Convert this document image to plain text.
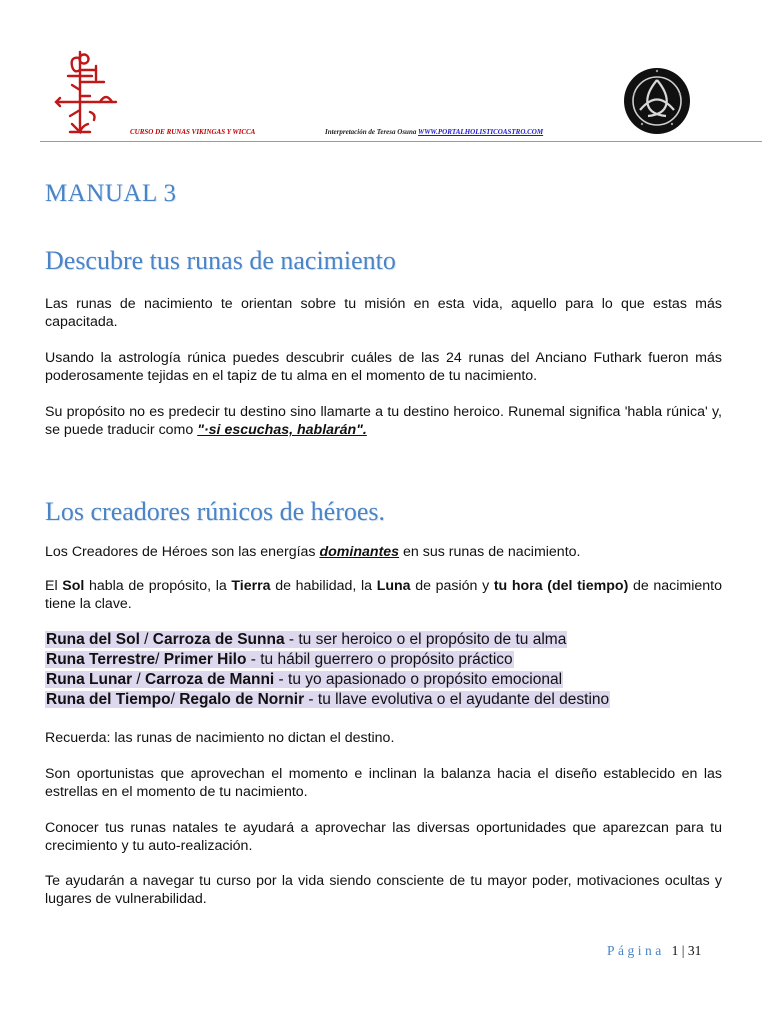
CURSO DE RUNAS VIKINGAS Y WICCA	Interpretación de Teresa Osuna WWW.PORTALHOLISTICOASTRO.COM
MANUAL 3
Descubre tus runas de nacimiento

Las runas de nacimiento te orientan sobre tu misión en esta vida, aquello para lo que estas más capacitada.

Usando la astrología rúnica puedes descubrir cuáles de las 24 runas del Anciano Futhark fueron más poderosamente tejidas en el tapiz de tu alma en el momento de tu nacimiento.

Su propósito no es predecir tu destino sino llamarte a tu destino heroico. Runemal significa 'habla rúnica' y, se puede traducir como "·si escuchas, hablarán".

Los creadores rúnicos de héroes.

Los Creadores de Héroes son las energías dominantes en sus runas de nacimiento.

El Sol habla de propósito, la Tierra de habilidad, la Luna de pasión y tu hora (del tiempo) de nacimiento tiene la clave.

Runa del Sol / Carroza de Sunna - tu ser heroico o el propósito de tu alma
Runa Terrestre/ Primer Hilo - tu hábil guerrero o propósito práctico
Runa Lunar / Carroza de Manni - tu yo apasionado o propósito emocional
Runa del Tiempo/ Regalo de Nornir - tu llave evolutiva o el ayudante del destino

Recuerda: las runas de nacimiento no dictan el destino.

Son oportunistas que aprovechan el momento e inclinan la balanza hacia el diseño establecido en las estrellas en el momento de tu nacimiento.

Conocer tus runas natales te ayudará a aprovechar las diversas oportunidades que aparezcan para tu crecimiento y tu auto-realización.

Te ayudarán a navegar tu curso por la vida siendo consciente de tu mayor poder, motivaciones ocultas y lugares de vulnerabilidad.

Página 1 | 31
